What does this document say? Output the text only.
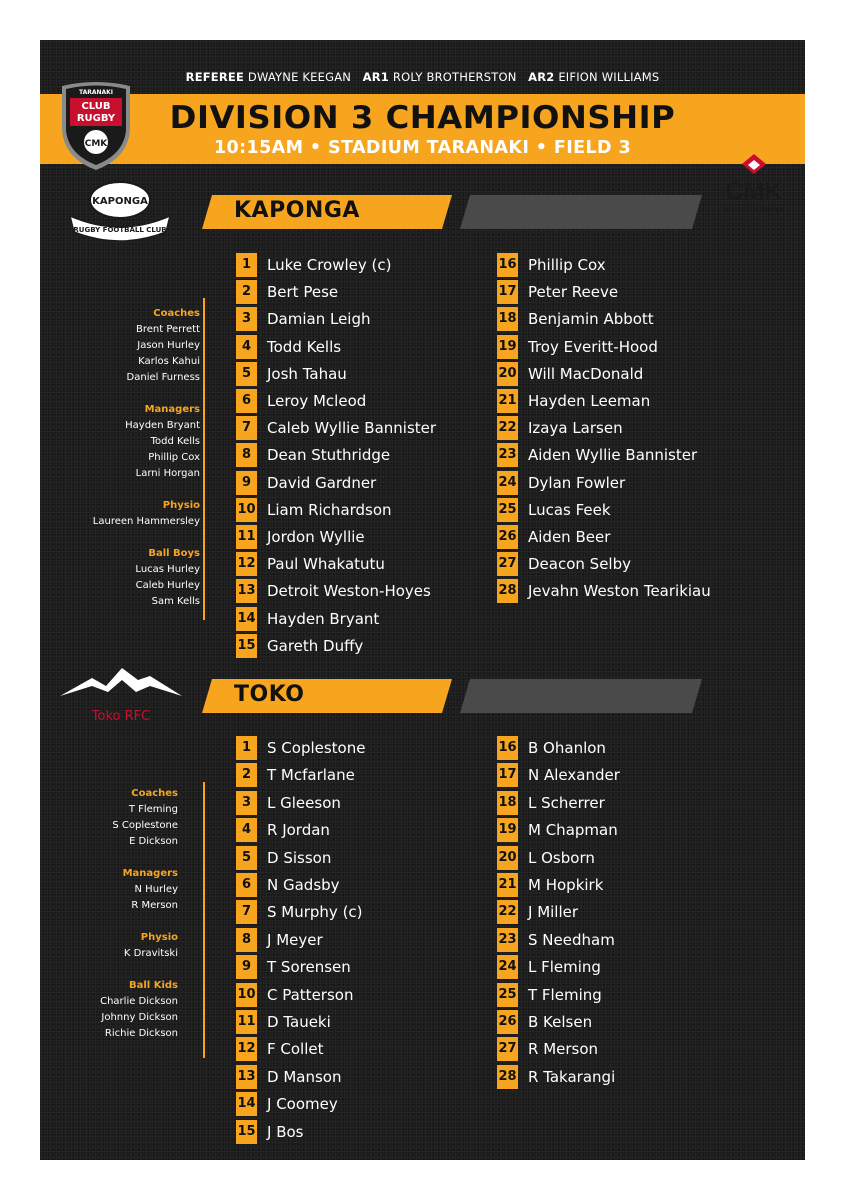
REFEREE DWAYNE KEEGAN AR1 ROLY BROTHERSTON AR2 EIFION WILLIAMS
DIVISION 3 CHAMPIONSHIP
10:15AM • STADIUM TARANAKI • FIELD 3
CMK
ACCOUNTANTS
TARANAKI
CLUB
RUGBY
CMK
KAPONGA
RUGBY FOOTBALL CLUB
KAPONGA
1	Luke Crowley (c)
2	Bert Pese
3	Damian Leigh
4	Todd Kells
5	Josh Tahau
6	Leroy Mcleod
7	Caleb Wyllie Bannister
8	Dean Stuthridge
9	David Gardner
10 Liam Richardson
11 Jordon Wyllie
12 Paul Whakatutu
13 Detroit Weston-Hoyes
14 Hayden Bryant
15 Gareth Duffy
16 Phillip Cox
17 Peter Reeve
18 Benjamin Abbott
19 Troy Everitt-Hood
20 Will MacDonald
21 Hayden Leeman
22 Izaya Larsen
23 Aiden Wyllie Bannister
24 Dylan Fowler
25 Lucas Feek
26 Aiden Beer
27 Deacon Selby
28 Jevahn Weston Tearikiau
Coaches
Brent Perrett
Jason Hurley
Karlos Kahui
Daniel Furness
Managers
Hayden Bryant
Todd Kells
Phillip Cox
Larni Horgan
Physio
Laureen Hammersley
Ball Boys
Lucas Hurley
Caleb Hurley
Sam Kells
Toko RFC
TOKO
1	S Coplestone
2	T Mcfarlane
3	L Gleeson
4	R Jordan
5	D Sisson
6	N Gadsby
7	S Murphy (c)
8	J Meyer
9	T Sorensen
10 C Patterson
11 D Taueki
12 F Collet
13 D Manson
14 J Coomey
15 J Bos
16 B Ohanlon
17 N Alexander
18 L Scherrer
19 M Chapman
20 L Osborn
21 M Hopkirk
22 J Miller
23 S Needham
24 L Fleming
25 T Fleming
26 B Kelsen
27 R Merson
28 R Takarangi
Coaches
T Fleming
S Coplestone
E Dickson
Managers
N Hurley
R Merson
Physio
K Dravitski
Ball Kids
Charlie Dickson
Johnny Dickson
Richie Dickson
